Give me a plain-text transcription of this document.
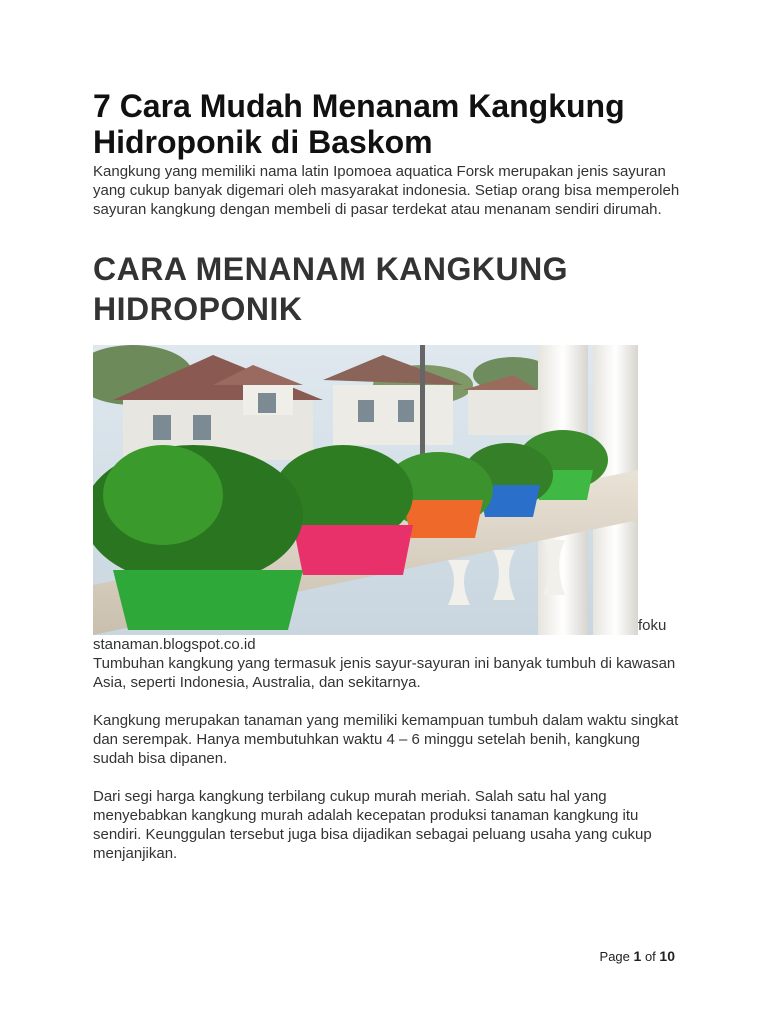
7 Cara Mudah Menanam Kangkung Hidroponik di Baskom

Kangkung yang memiliki nama latin Ipomoea aquatica Forsk merupakan jenis sayuran yang cukup banyak digemari oleh masyarakat indonesia. Setiap orang bisa memperoleh sayuran kangkung dengan membeli di pasar terdekat atau menanam sendiri dirumah.

CARA MENANAM KANGKUNG HIDROPONIK
foku
stanaman.blogspot.co.id

Tumbuhan kangkung yang termasuk jenis sayur-sayuran ini banyak tumbuh di kawasan Asia, seperti Indonesia, Australia, dan sekitarnya.

Kangkung merupakan tanaman yang memiliki kemampuan tumbuh dalam waktu singkat dan serempak. Hanya membutuhkan waktu 4 – 6 minggu setelah benih, kangkung sudah bisa dipanen.

Dari segi harga kangkung terbilang cukup murah meriah. Salah satu hal yang menyebabkan kangkung murah adalah kecepatan produksi tanaman kangkung itu sendiri. Keunggulan tersebut juga bisa dijadikan sebagai peluang usaha yang cukup menjanjikan.

Page 1 of 10
